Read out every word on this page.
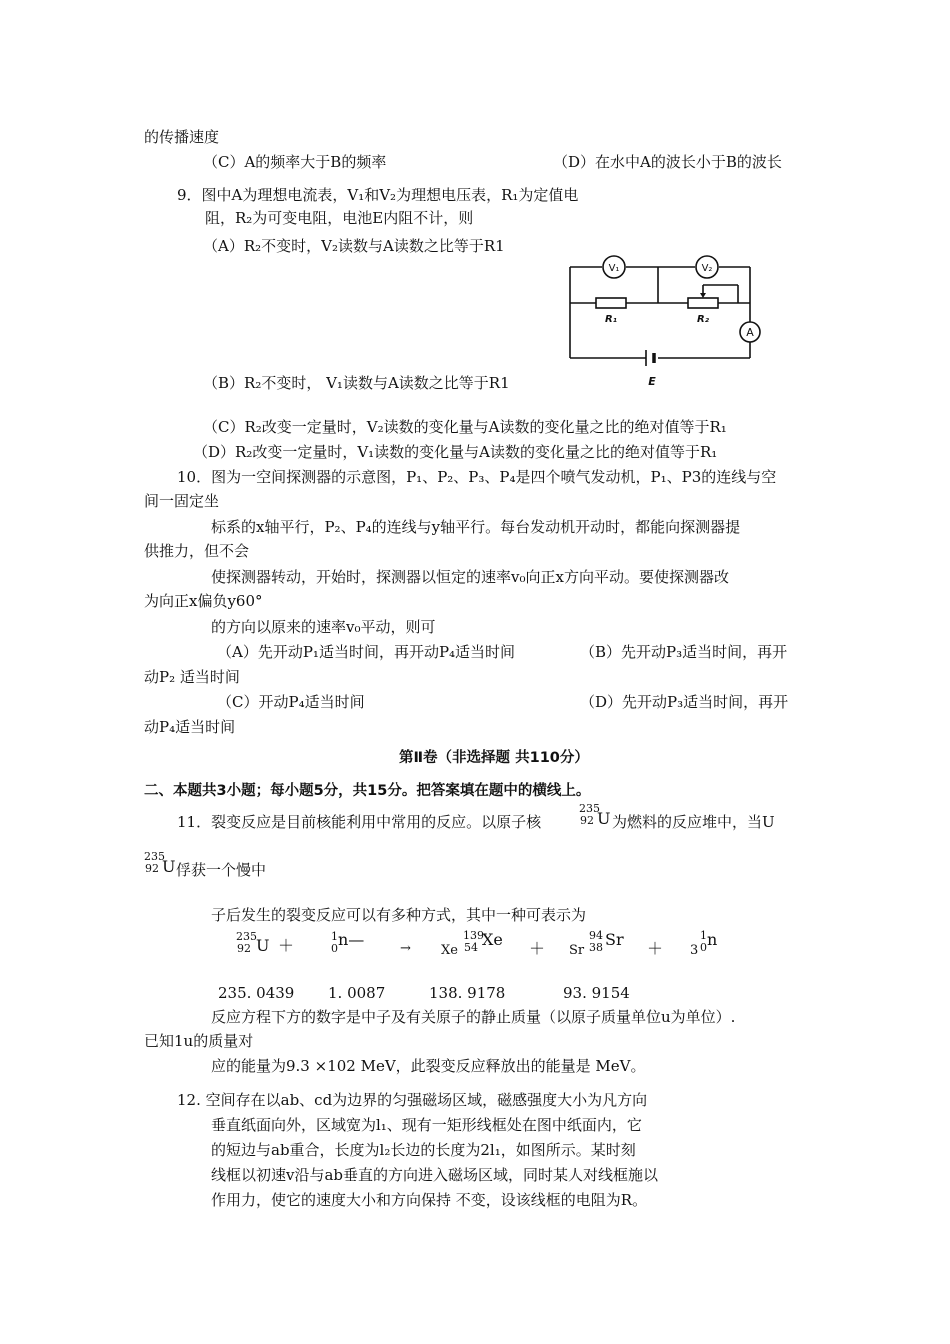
的传播速度
（C）A的频率大于B的频率	（D）在水中A的波长小于B的波长
9．图中A为理想电流表，V₁和V₂为理想电压表，R₁为定值电
阻，R₂为可变电阻，电池E内阻不计，则
（A）R₂不变时，V₂读数与A读数之比等于R1
（B）R₂不变时， V₁读数与A读数之比等于R1
（C）R₂改变一定量时，V₂读数的变化量与A读数的变化量之比的绝对值等于R₁
（D）R₂改变一定量时，V₁读数的变化量与A读数的变化量之比的绝对值等于R₁
V₁	V₂
A
E
R₁	R₂
10．图为一空间探测器的示意图，P₁、P₂、P₃、P₄是四个喷气发动机，P₁、P3的连线与空
间一固定坐
标系的x轴平行，P₂、P₄的连线与y轴平行。每台发动机开动时，都能向探测器提
供推力，但不会
使探测器转动，开始时，探测器以恒定的速率v₀向正x方向平动。要使探测器改
为向正x偏负y60°
的方向以原来的速率v₀平动，则可
（A）先开动P₁适当时间，再开动P₄适当时间	（B）先开动P₃适当时间，再开
动P₂ 适当时间
（C）开动P₄适当时间	（D）先开动P₃适当时间，再开
动P₄适当时间
第Ⅱ卷（非选择题 共110分）
二、本题共3小题；每小题5分，共15分。把答案填在题中的横线上。
11．裂变反应是目前核能利用中常用的反应。以原子核
235
92 U 为燃料的反应堆中，当U
235
92 U 俘获一个慢中
子后发生的裂变反应可以有多种方式，其中一种可表示为
235
92 U ＋	1
0 n—	→ Xe
139
54 Xe ＋ Sr
94
38 Sr ＋ 3
1
0 n
235. 0439 1. 0087	138. 9178	93. 9154
反应方程下方的数字是中子及有关原子的静止质量（以原子质量单位u为单位）.
已知1u的质量对
应的能量为9.3 ×102 MeV，此裂变反应释放出的能量是 MeV。
12. 空间存在以ab、cd为边界的匀强磁场区域，磁感强度大小为凡方向
垂直纸面向外，区域宽为l₁、现有一矩形线框处在图中纸面内，它
的短边与ab重合，长度为l₂长边的长度为2l₁，如图所示。某时刻
线框以初速v沿与ab垂直的方向进入磁场区域，同时某人对线框施以
作用力，使它的速度大小和方向保持 不变，设该线框的电阻为R。
